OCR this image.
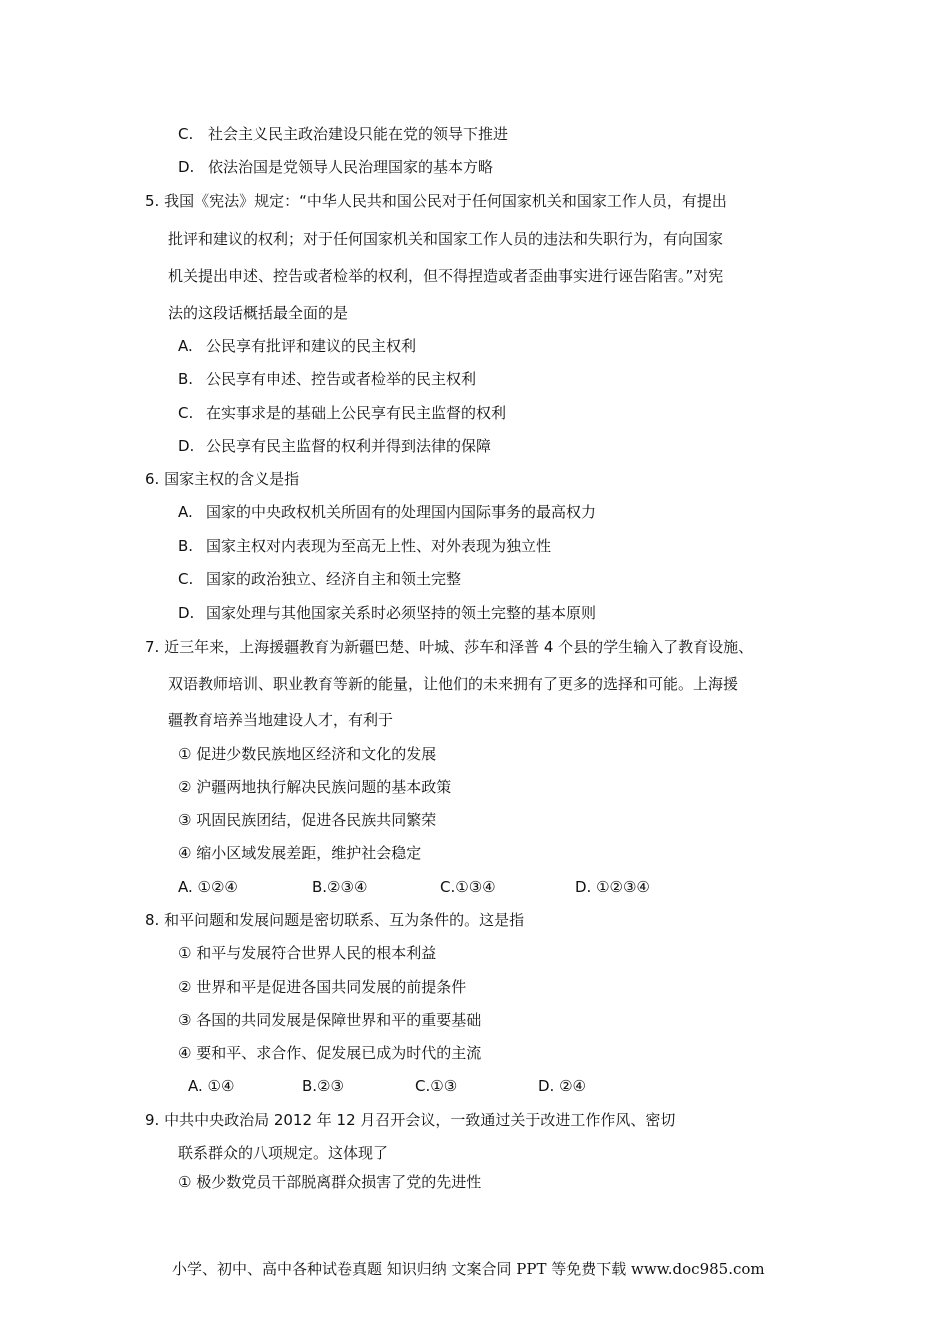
C. 社会主义民主政治建设只能在党的领导下推进
D. 依法治国是党领导人民治理国家的基本方略
5. 我国《宪法》规定：“中华人民共和国公民对于任何国家机关和国家工作人员，有提出
批评和建议的权利；对于任何国家机关和国家工作人员的违法和失职行为，有向国家
机关提出申述、控告或者检举的权利，但不得捏造或者歪曲事实进行诬告陷害。”对宪
法的这段话概括最全面的是
A. 公民享有批评和建议的民主权利
B. 公民享有申述、控告或者检举的民主权利
C. 在实事求是的基础上公民享有民主监督的权利
D. 公民享有民主监督的权利并得到法律的保障
6. 国家主权的含义是指
A. 国家的中央政权机关所固有的处理国内国际事务的最高权力
B. 国家主权对内表现为至高无上性、对外表现为独立性
C. 国家的政治独立、经济自主和领土完整
D. 国家处理与其他国家关系时必须坚持的领土完整的基本原则
7. 近三年来，上海援疆教育为新疆巴楚、叶城、莎车和泽普 4 个县的学生输入了教育设施、
双语教师培训、职业教育等新的能量，让他们的未来拥有了更多的选择和可能。上海援
疆教育培养当地建设人才，有利于
① 促进少数民族地区经济和文化的发展
② 沪疆两地执行解决民族问题的基本政策
③ 巩固民族团结，促进各民族共同繁荣
④ 缩小区域发展差距，维护社会稳定
A. ①②④	B.②③④	C.①③④	D. ①②③④
8. 和平问题和发展问题是密切联系、互为条件的。这是指
① 和平与发展符合世界人民的根本利益
② 世界和平是促进各国共同发展的前提条件
③ 各国的共同发展是保障世界和平的重要基础
④ 要和平、求合作、促发展已成为时代的主流
A. ①④	B.②③	C.①③	D. ②④
9. 中共中央政治局 2012 年 12 月召开会议，一致通过关于改进工作作风、密切
联系群众的八项规定。这体现了
① 极少数党员干部脱离群众损害了党的先进性
小学、初中、高中各种试卷真题 知识归纳 文案合同 PPT 等免费下载 www.doc985.com
